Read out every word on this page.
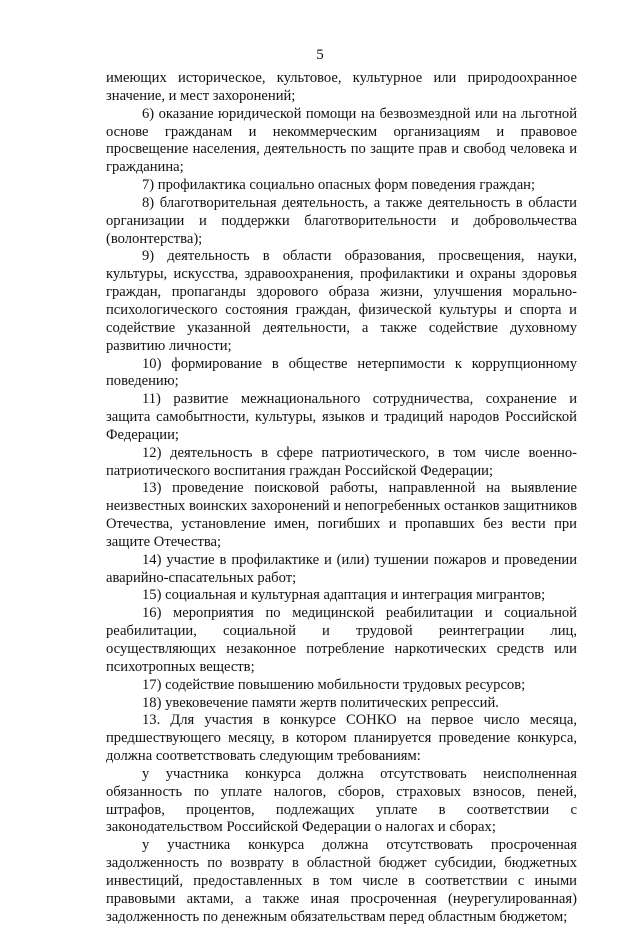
5

имеющих историческое, культовое, культурное или природоохранное значение, и мест захоронений;

6) оказание юридической помощи на безвозмездной или на льготной основе гражданам и некоммерческим организациям и правовое просвещение населения, деятельность по защите прав и свобод человека и гражданина;

7) профилактика социально опасных форм поведения граждан;

8) благотворительная деятельность, а также деятельность в области организации и поддержки благотворительности и добровольчества (волонтерства);

9) деятельность в области образования, просвещения, науки, культуры, искусства, здравоохранения, профилактики и охраны здоровья граждан, пропаганды здорового образа жизни, улучшения морально-психологического состояния граждан, физической культуры и спорта и содействие указанной деятельности, а также содействие духовному развитию личности;

10) формирование в обществе нетерпимости к коррупционному поведению;

11) развитие межнационального сотрудничества, сохранение и защита самобытности, культуры, языков и традиций народов Российской Федерации;

12) деятельность в сфере патриотического, в том числе военно-патриотического воспитания граждан Российской Федерации;

13) проведение поисковой работы, направленной на выявление неизвестных воинских захоронений и непогребенных останков защитников Отечества, установление имен, погибших и пропавших без вести при защите Отечества;

14) участие в профилактике и (или) тушении пожаров и проведении аварийно-спасательных работ;

15) социальная и культурная адаптация и интеграция мигрантов;

16) мероприятия по медицинской реабилитации и социальной реабилитации, социальной и трудовой реинтеграции лиц, осуществляющих незаконное потребление наркотических средств или психотропных веществ;

17) содействие повышению мобильности трудовых ресурсов;

18) увековечение памяти жертв политических репрессий.

13. Для участия в конкурсе СОНКО на первое число месяца, предшествующего месяцу, в котором планируется проведение конкурса, должна соответствовать следующим требованиям:

у участника конкурса должна отсутствовать неисполненная обязанность по уплате налогов, сборов, страховых взносов, пеней, штрафов, процентов, подлежащих уплате в соответствии с законодательством Российской Федерации о налогах и сборах;

у участника конкурса должна отсутствовать просроченная задолженность по возврату в областной бюджет субсидии, бюджетных инвестиций, предоставленных в том числе в соответствии с иными правовыми актами, а также иная просроченная (неурегулированная) задолженность по денежным обязательствам перед областным бюджетом;
